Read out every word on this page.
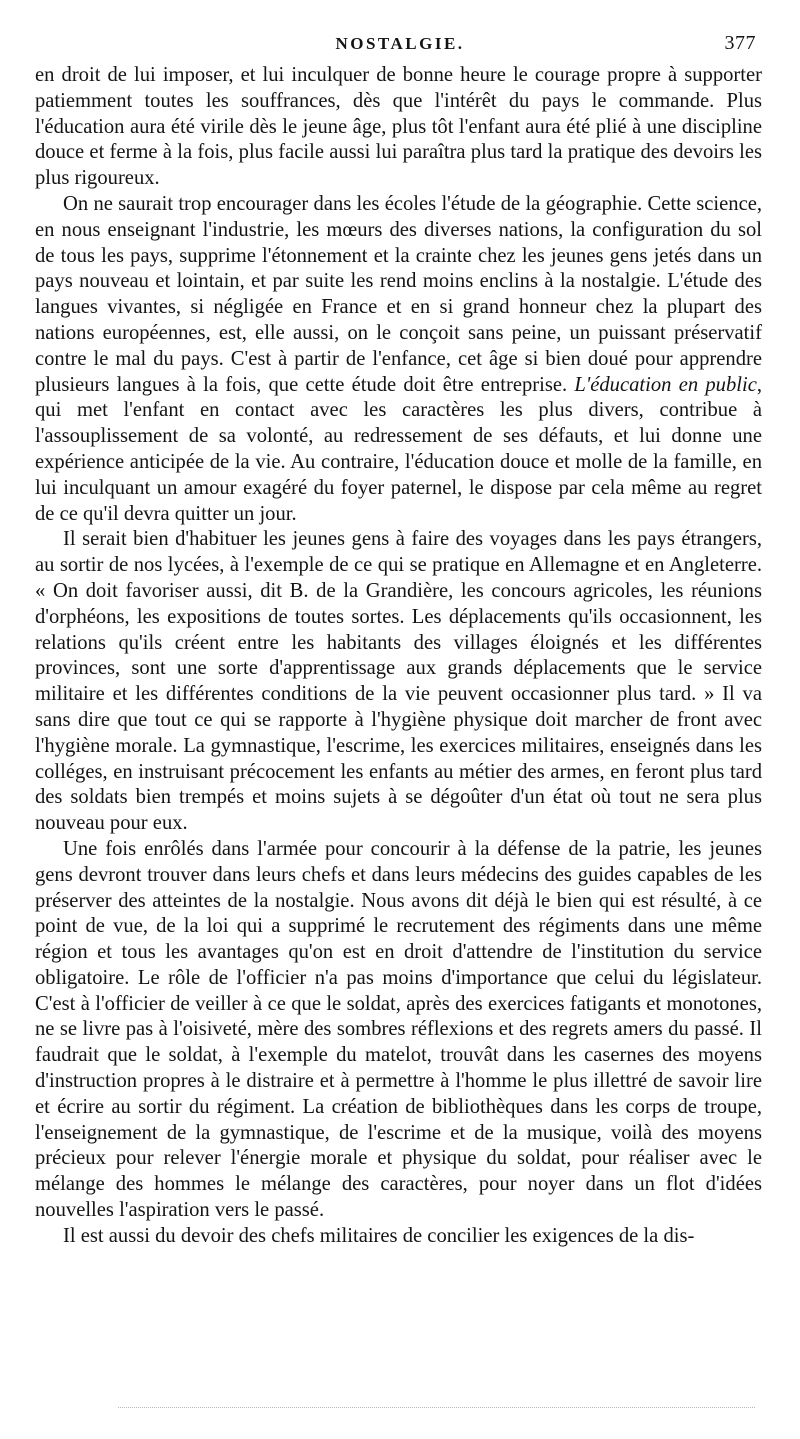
NOSTALGIE.	377

en droit de lui imposer, et lui inculquer de bonne heure le courage propre à supporter patiemment toutes les souffrances, dès que l'intérêt du pays le commande. Plus l'éducation aura été virile dès le jeune âge, plus tôt l'enfant aura été plié à une discipline douce et ferme à la fois, plus facile aussi lui paraîtra plus tard la pratique des devoirs les plus rigoureux.

On ne saurait trop encourager dans les écoles l'étude de la géographie. Cette science, en nous enseignant l'industrie, les mœurs des diverses nations, la configuration du sol de tous les pays, supprime l'étonnement et la crainte chez les jeunes gens jetés dans un pays nouveau et lointain, et par suite les rend moins enclins à la nostalgie. L'étude des langues vivantes, si négligée en France et en si grand honneur chez la plupart des nations européennes, est, elle aussi, on le conçoit sans peine, un puissant préservatif contre le mal du pays. C'est à partir de l'enfance, cet âge si bien doué pour apprendre plusieurs langues à la fois, que cette étude doit être entreprise. L'éducation en public, qui met l'enfant en contact avec les caractères les plus divers, contribue à l'assouplissement de sa volonté, au redressement de ses défauts, et lui donne une expérience anticipée de la vie. Au contraire, l'éducation douce et molle de la famille, en lui inculquant un amour exagéré du foyer paternel, le dispose par cela même au regret de ce qu'il devra quitter un jour.

Il serait bien d'habituer les jeunes gens à faire des voyages dans les pays étrangers, au sortir de nos lycées, à l'exemple de ce qui se pratique en Allemagne et en Angleterre. « On doit favoriser aussi, dit B. de la Grandière, les concours agricoles, les réunions d'orphéons, les expositions de toutes sortes. Les déplacements qu'ils occasionnent, les relations qu'ils créent entre les habitants des villages éloignés et les différentes provinces, sont une sorte d'apprentissage aux grands déplacements que le service militaire et les différentes conditions de la vie peuvent occasionner plus tard. » Il va sans dire que tout ce qui se rapporte à l'hygiène physique doit marcher de front avec l'hygiène morale. La gymnastique, l'escrime, les exercices militaires, enseignés dans les colléges, en instruisant précocement les enfants au métier des armes, en feront plus tard des soldats bien trempés et moins sujets à se dégoûter d'un état où tout ne sera plus nouveau pour eux.

Une fois enrôlés dans l'armée pour concourir à la défense de la patrie, les jeunes gens devront trouver dans leurs chefs et dans leurs médecins des guides capables de les préserver des atteintes de la nostalgie. Nous avons dit déjà le bien qui est résulté, à ce point de vue, de la loi qui a supprimé le recrutement des régiments dans une même région et tous les avantages qu'on est en droit d'attendre de l'institution du service obligatoire. Le rôle de l'officier n'a pas moins d'importance que celui du législateur. C'est à l'officier de veiller à ce que le soldat, après des exercices fatigants et monotones, ne se livre pas à l'oisiveté, mère des sombres réflexions et des regrets amers du passé. Il faudrait que le soldat, à l'exemple du matelot, trouvât dans les casernes des moyens d'instruction propres à le distraire et à permettre à l'homme le plus illettré de savoir lire et écrire au sortir du régiment. La création de bibliothèques dans les corps de troupe, l'enseignement de la gymnastique, de l'escrime et de la musique, voilà des moyens précieux pour relever l'énergie morale et physique du soldat, pour réaliser avec le mélange des hommes le mélange des caractères, pour noyer dans un flot d'idées nouvelles l'aspiration vers le passé.

Il est aussi du devoir des chefs militaires de concilier les exigences de la dis-
